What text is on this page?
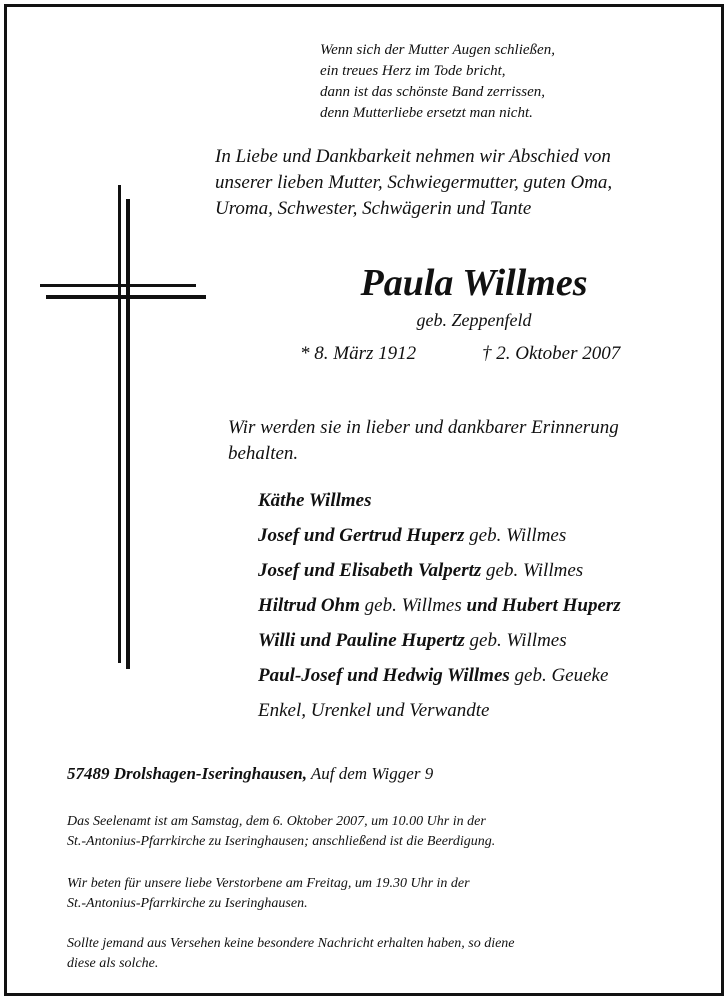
Wenn sich der Mutter Augen schließen,
ein treues Herz im Tode bricht,
dann ist das schönste Band zerrissen,
denn Mutterliebe ersetzt man nicht.
In Liebe und Dankbarkeit nehmen wir Abschied von
unserer lieben Mutter, Schwiegermutter, guten Oma,
Uroma, Schwester, Schwägerin und Tante
Paula Willmes
geb. Zeppenfeld
* 8. März 1912	† 2. Oktober 2007
Wir werden sie in lieber und dankbarer Erinnerung
behalten.
Käthe Willmes
Josef und Gertrud Huperz geb. Willmes
Josef und Elisabeth Valpertz geb. Willmes
Hiltrud Ohm geb. Willmes und Hubert Huperz
Willi und Pauline Hupertz geb. Willmes
Paul-Josef und Hedwig Willmes geb. Geueke
Enkel, Urenkel und Verwandte
57489 Drolshagen-Iseringhausen, Auf dem Wigger 9
Das Seelenamt ist am Samstag, dem 6. Oktober 2007, um 10.00 Uhr in der
St.-Antonius-Pfarrkirche zu Iseringhausen; anschließend ist die Beerdigung.
Wir beten für unsere liebe Verstorbene am Freitag, um 19.30 Uhr in der
St.-Antonius-Pfarrkirche zu Iseringhausen.
Sollte jemand aus Versehen keine besondere Nachricht erhalten haben, so diene
diese als solche.
